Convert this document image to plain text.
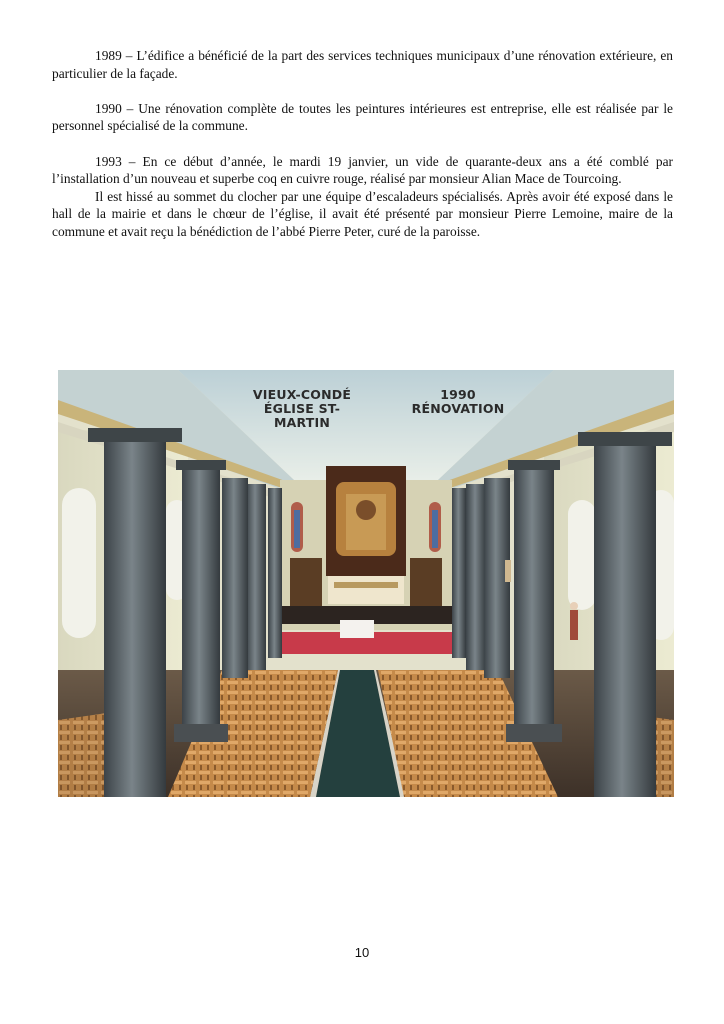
1989 – L’édifice a bénéficié de la part des services techniques municipaux d’une rénovation extérieure, en particulier de la façade.

1990 – Une rénovation complète de toutes les peintures intérieures est entreprise, elle est réalisée par le personnel spécialisé de la commune.

1993 – En ce début d’année, le mardi 19 janvier, un vide de quarante-deux ans a été comblé par l’installation d’un nouveau et superbe coq en cuivre rouge, réalisé par monsieur Alian Mace de Tourcoing.

Il est hissé au sommet du clocher par une équipe d’escaladeurs spécialisés. Après avoir été exposé dans le hall de la mairie et dans le chœur de l’église, il avait été présenté par monsieur Pierre Lemoine, maire de la commune et avait reçu la bénédiction de l’abbé Pierre Peter, curé de la paroisse.

VIEUX-CONDÉ
ÉGLISE ST-MARTIN
1990
RÉNOVATION
10
